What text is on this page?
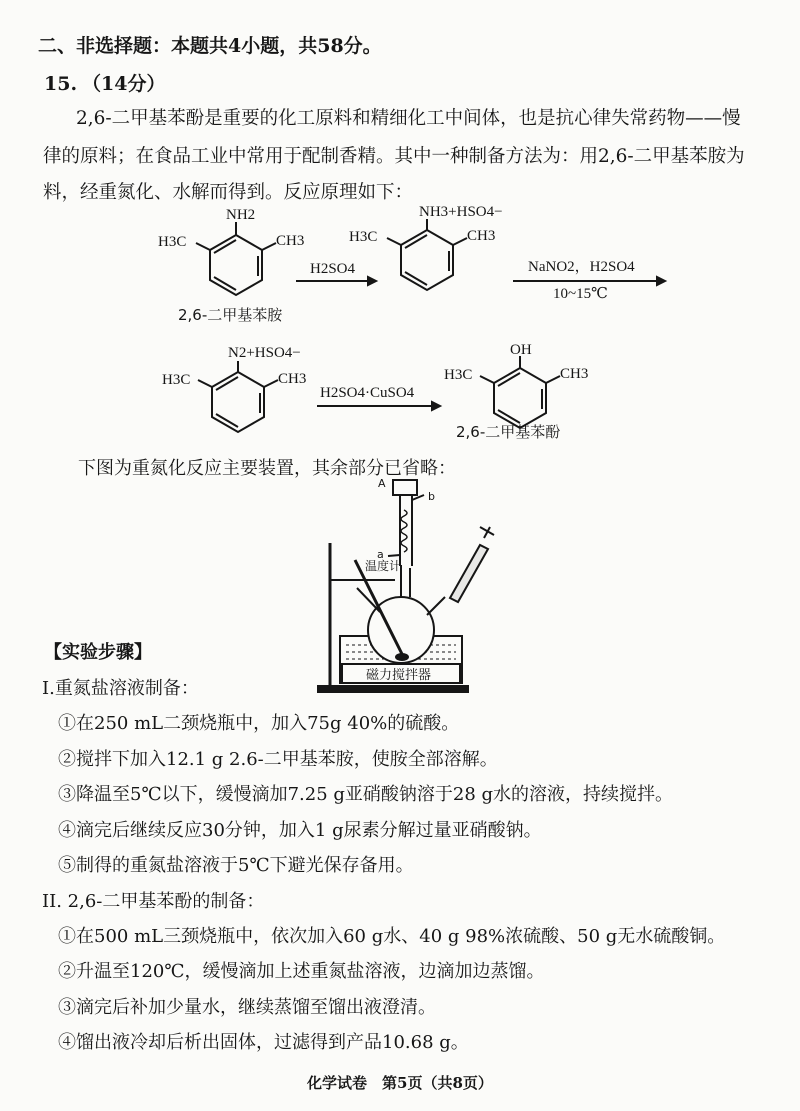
二、非选择题：本题共4小题，共58分。
15. （14分）
2,6-二甲基苯酚是重要的化工原料和精细化工中间体，也是抗心律失常药物——慢
律的原料；在食品工业中常用于配制香精。其中一种制备方法为：用2,6-二甲基苯胺为
料，经重氮化、水解而得到。反应原理如下：
NH2
CH3
H3C
H2SO4
2,6-二甲基苯胺
NH3+HSO4−
CH3
H3C
NaNO2，H2SO4
10~15℃
N2+HSO4−
CH3
H3C
H2SO4·CuSO4
OH
CH3
H3C
2,6-二甲基苯酚
A
b
a
温度计
磁力搅拌器
下图为重氮化反应主要装置，其余部分已省略：
【实验步骤】
I.重氮盐溶液制备：
①在250 mL二颈烧瓶中，加入75g 40%的硫酸。
②搅拌下加入12.1 g 2.6-二甲基苯胺，使胺全部溶解。
③降温至5℃以下，缓慢滴加7.25 g亚硝酸钠溶于28 g水的溶液，持续搅拌。
④滴完后继续反应30分钟，加入1 g尿素分解过量亚硝酸钠。
⑤制得的重氮盐溶液于5℃下避光保存备用。
II. 2,6-二甲基苯酚的制备：
①在500 mL三颈烧瓶中，依次加入60 g水、40 g 98%浓硫酸、50 g无水硫酸铜。
②升温至120℃，缓慢滴加上述重氮盐溶液，边滴加边蒸馏。
③滴完后补加少量水，继续蒸馏至馏出液澄清。
④馏出液冷却后析出固体，过滤得到产品10.68 g。
化学试卷　第5页（共8页）
